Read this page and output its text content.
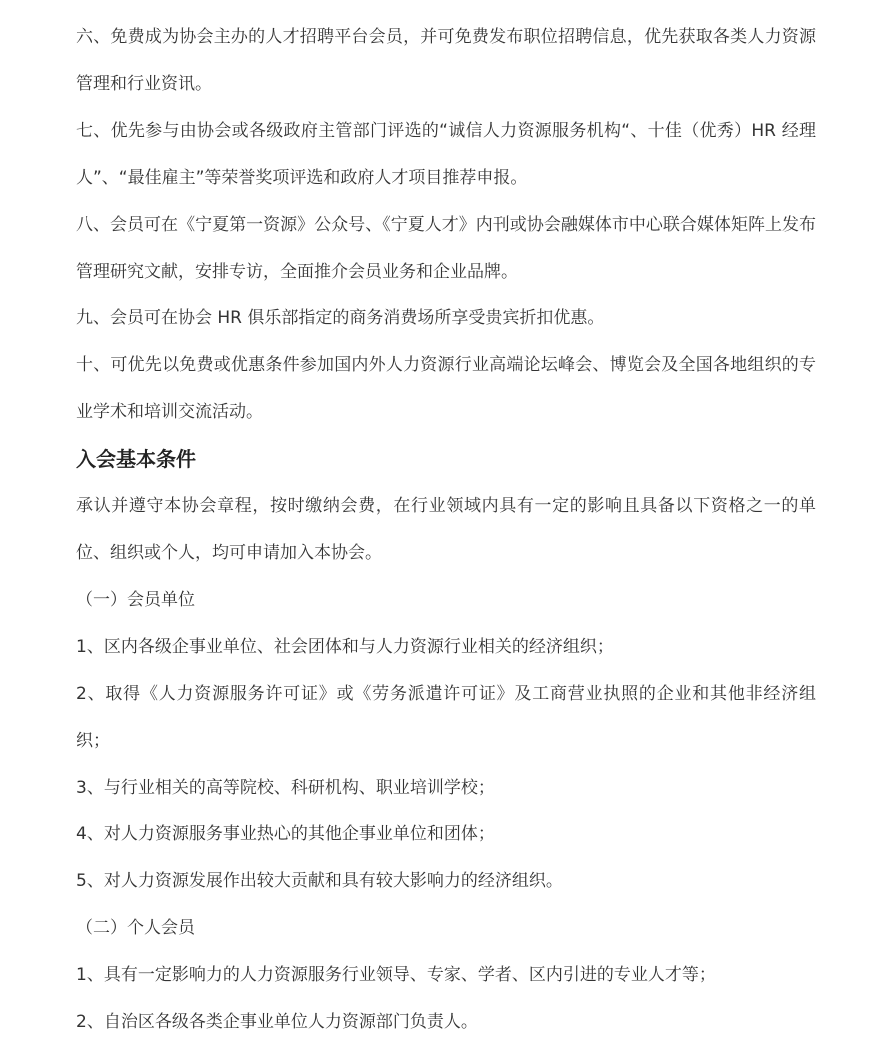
六、免费成为协会主办的人才招聘平台会员，并可免费发布职位招聘信息，优先获取各类人力资源管理和行业资讯。

七、优先参与由协会或各级政府主管部门评选的“诚信人力资源服务机构“、十佳（优秀）HR 经理人”、“最佳雇主”等荣誉奖项评选和政府人才项目推荐申报。

八、会员可在《宁夏第一资源》公众号、《宁夏人才》内刊或协会融媒体市中心联合媒体矩阵上发布管理研究文献，安排专访，全面推介会员业务和企业品牌。

九、会员可在协会 HR 俱乐部指定的商务消费场所享受贵宾折扣优惠。

十、可优先以免费或优惠条件参加国内外人力资源行业高端论坛峰会、博览会及全国各地组织的专业学术和培训交流活动。

入会基本条件

承认并遵守本协会章程，按时缴纳会费，在行业领域内具有一定的影响且具备以下资格之一的单位、组织或个人，均可申请加入本协会。

（一）会员单位

1、区内各级企事业单位、社会团体和与人力资源行业相关的经济组织；

2、取得《人力资源服务许可证》或《劳务派遣许可证》及工商营业执照的企业和其他非经济组织；

3、与行业相关的高等院校、科研机构、职业培训学校；

4、对人力资源服务事业热心的其他企事业单位和团体；

5、对人力资源发展作出较大贡献和具有较大影响力的经济组织。

（二）个人会员

1、具有一定影响力的人力资源服务行业领导、专家、学者、区内引进的专业人才等；

2、自治区各级各类企事业单位人力资源部门负责人。
